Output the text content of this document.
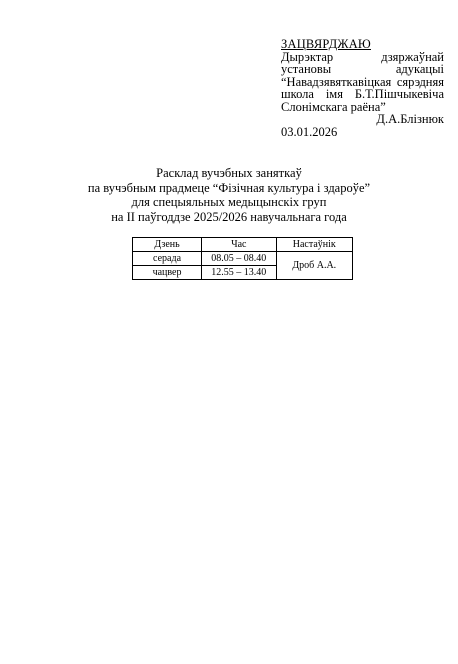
ЗАЦВЯРДЖАЮ
Дырэктар дзяржаўнай
установы адукацыі
“Навадзявяткавіцкая сярэдняя
школа імя Б.Т.Пішчыкевіча
Слонімскага раёна”
Д.А.Блізнюк
03.01.2026
Расклад вучэбных заняткаў
па вучэбным прадмеце “Фізічная культура і здароўе”
для спецыяльных медыцынскіх груп
на ІІ паўгоддзе 2025/2026 навучальнага года
Дзень	Час	Настаўнік
серада	08.05 – 08.40	Дроб А.А.
чацвер	12.55 – 13.40	
